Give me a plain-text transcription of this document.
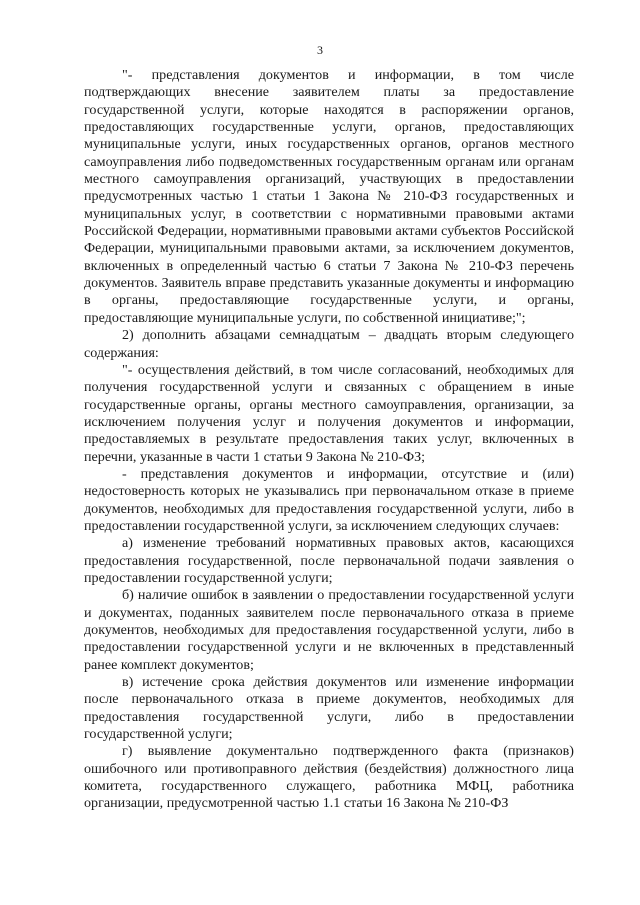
3

"- представления документов и информации, в том числе подтверждающих внесение заявителем платы за предоставление государственной услуги, которые находятся в распоряжении органов, предоставляющих государственные услуги, органов, предоставляющих муниципальные услуги, иных государственных органов, органов местного самоуправления либо подведомственных государственным органам или органам местного самоуправления организаций, участвующих в предоставлении предусмотренных частью 1 статьи 1 Закона № 210-ФЗ государственных и муниципальных услуг, в соответствии с нормативными правовыми актами Российской Федерации, нормативными правовыми актами субъектов Российской Федерации, муниципальными правовыми актами, за исключением документов, включенных в определенный частью 6 статьи 7 Закона № 210-ФЗ перечень документов. Заявитель вправе представить указанные документы и информацию в органы, предоставляющие государственные услуги, и органы, предоставляющие муниципальные услуги, по собственной инициативе;";

2) дополнить абзацами семнадцатым – двадцать вторым следующего содержания:

"- осуществления действий, в том числе согласований, необходимых для получения государственной услуги и связанных с обращением в иные государственные органы, органы местного самоуправления, организации, за исключением получения услуг и получения документов и информации, предоставляемых в результате предоставления таких услуг, включенных в перечни, указанные в части 1 статьи 9 Закона № 210-ФЗ;

- представления документов и информации, отсутствие и (или) недостоверность которых не указывались при первоначальном отказе в приеме документов, необходимых для предоставления государственной услуги, либо в предоставлении государственной услуги, за исключением следующих случаев:

а) изменение требований нормативных правовых актов, касающихся предоставления государственной, после первоначальной подачи заявления о предоставлении государственной услуги;

б) наличие ошибок в заявлении о предоставлении государственной услуги и документах, поданных заявителем после первоначального отказа в приеме документов, необходимых для предоставления государственной услуги, либо в предоставлении государственной услуги и не включенных в представленный ранее комплект документов;

в) истечение срока действия документов или изменение информации после первоначального отказа в приеме документов, необходимых для предоставления государственной услуги, либо в предоставлении государственной услуги;

г) выявление документально подтвержденного факта (признаков) ошибочного или противоправного действия (бездействия) должностного лица комитета, государственного служащего, работника МФЦ, работника организации, предусмотренной частью 1.1 статьи 16 Закона № 210-ФЗ
